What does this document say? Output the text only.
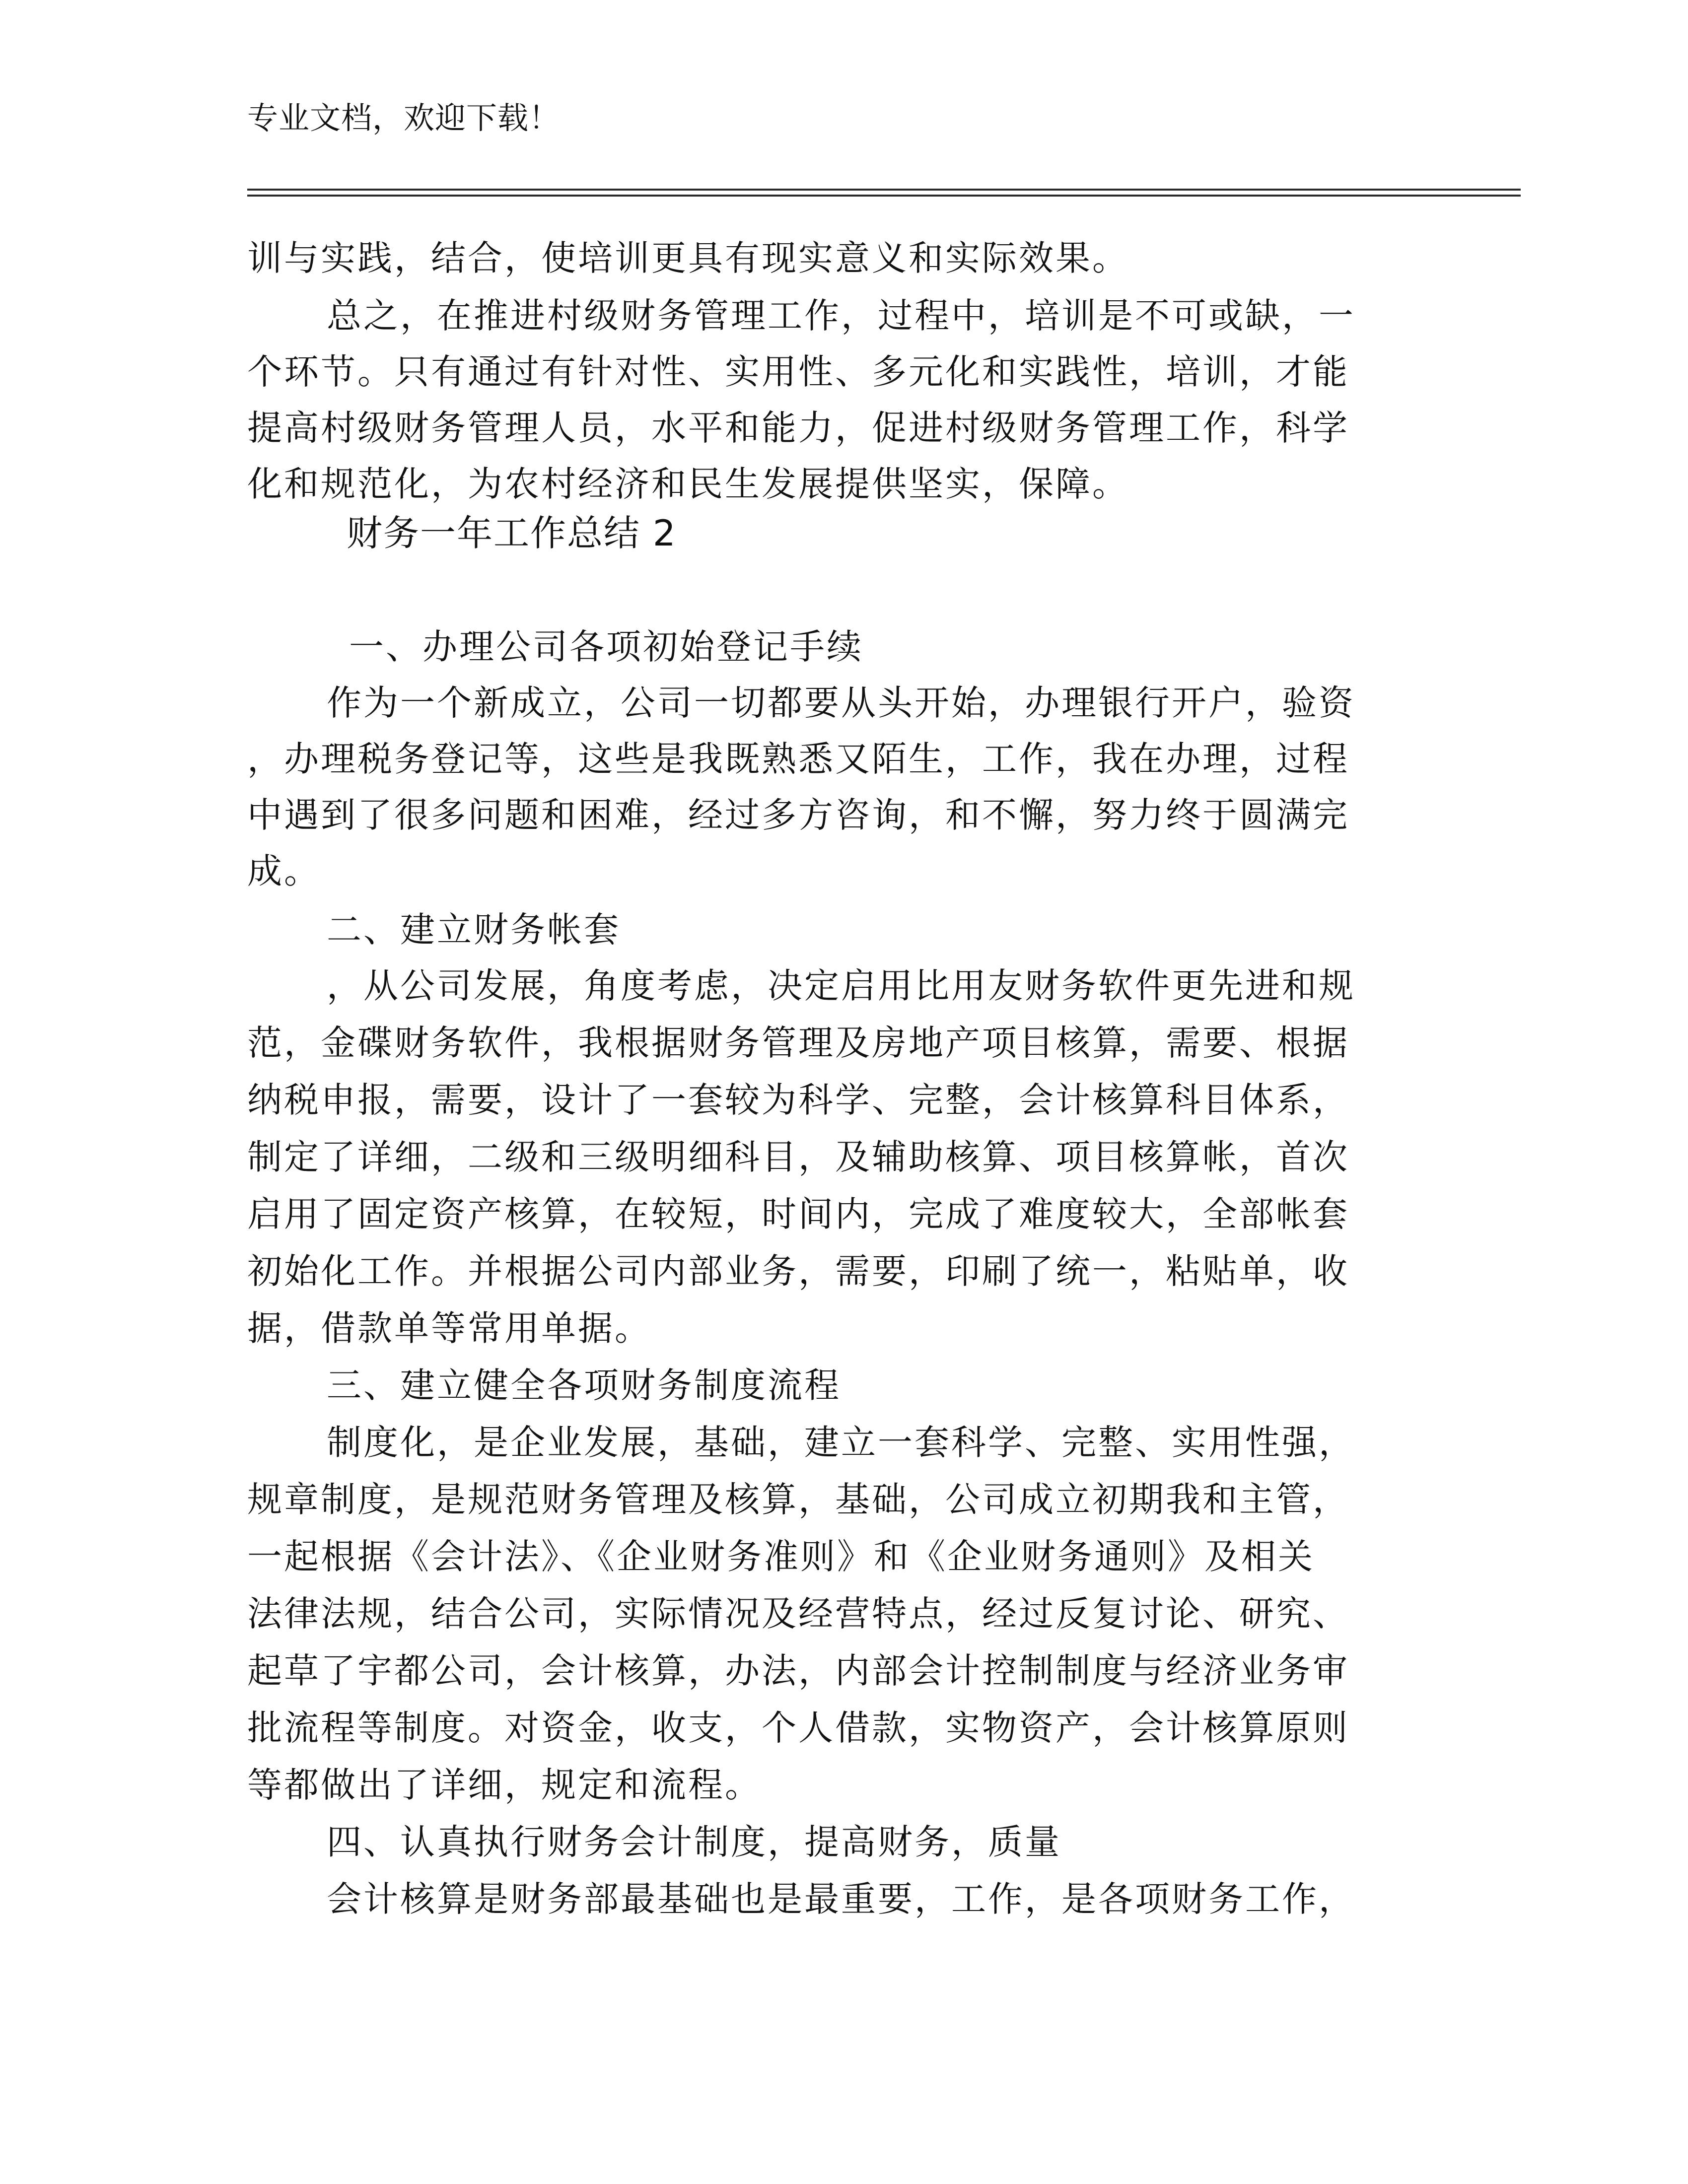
专业文档，欢迎下载！
训与实践，结合，使培训更具有现实意义和实际效果。
总之，在推进村级财务管理工作，过程中，培训是不可或缺，一
个环节。只有通过有针对性、实用性、多元化和实践性，培训，才能
提高村级财务管理人员，水平和能力，促进村级财务管理工作，科学
化和规范化，为农村经济和民生发展提供坚实，保障。
财务一年工作总结 2
一、办理公司各项初始登记手续
作为一个新成立，公司一切都要从头开始，办理银行开户，验资
，办理税务登记等，这些是我既熟悉又陌生，工作，我在办理，过程
中遇到了很多问题和困难，经过多方咨询，和不懈，努力终于圆满完
成。
二、建立财务帐套
，从公司发展，角度考虑，决定启用比用友财务软件更先进和规
范，金碟财务软件，我根据财务管理及房地产项目核算，需要、根据
纳税申报，需要，设计了一套较为科学、完整，会计核算科目体系，
制定了详细，二级和三级明细科目，及辅助核算、项目核算帐，首次
启用了固定资产核算，在较短，时间内，完成了难度较大，全部帐套
初始化工作。并根据公司内部业务，需要，印刷了统一，粘贴单，收
据，借款单等常用单据。
三、建立健全各项财务制度流程
制度化，是企业发展，基础，建立一套科学、完整、实用性强，
规章制度，是规范财务管理及核算，基础，公司成立初期我和主管，
一起根据《会计法》、《企业财务准则》和《企业财务通则》及相关
法律法规，结合公司，实际情况及经营特点，经过反复讨论、研究、
起草了宇都公司，会计核算，办法，内部会计控制制度与经济业务审
批流程等制度。对资金，收支，个人借款，实物资产，会计核算原则
等都做出了详细，规定和流程。
四、认真执行财务会计制度，提高财务，质量
会计核算是财务部最基础也是最重要，工作，是各项财务工作，
